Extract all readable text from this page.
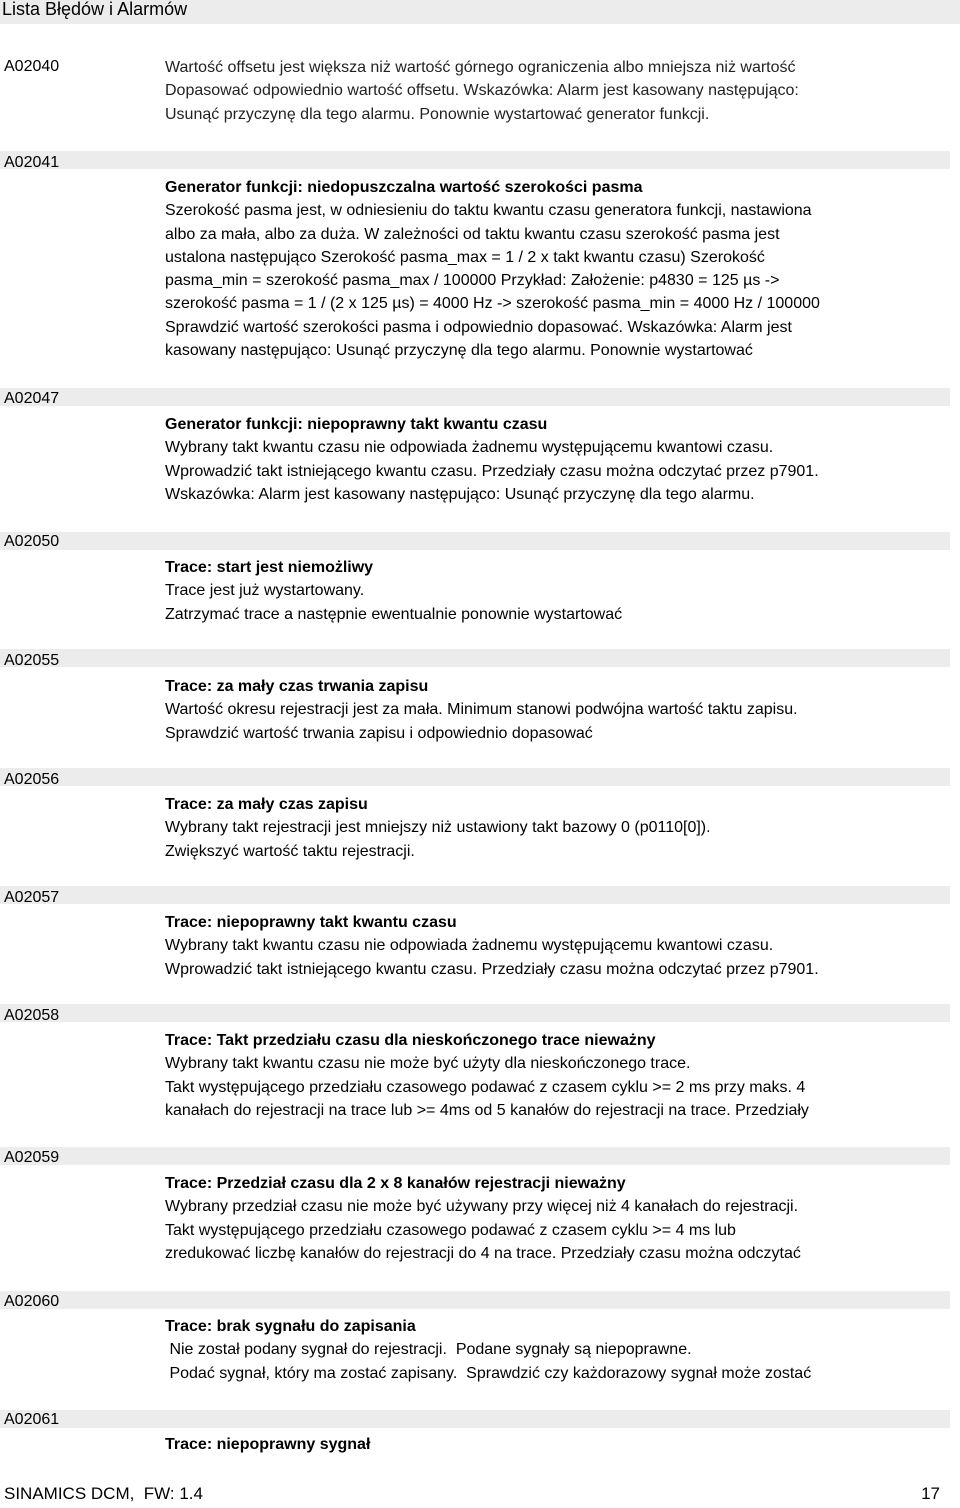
Lista Błędów i Alarmów
A02040	Wartość offsetu jest większa niż wartość górnego ograniczenia albo mniejsza niż wartość
Dopasować odpowiednio wartość offsetu. Wskazówka: Alarm jest kasowany następująco:
Usunąć przyczynę dla tego alarmu. Ponownie wystartować generator funkcji.
A02041
Generator funkcji: niedopuszczalna wartość szerokości pasma
Szerokość pasma jest, w odniesieniu do taktu kwantu czasu generatora funkcji, nastawiona
albo za mała, albo za duża. W zależności od taktu kwantu czasu szerokość pasma jest
ustalona następująco Szerokość pasma_max = 1 / 2 x takt kwantu czasu) Szerokość
pasma_min = szerokość pasma_max / 100000 Przykład: Założenie: p4830 = 125 µs ->
szerokość pasma = 1 / (2 x 125 µs) = 4000 Hz -> szerokość pasma_min = 4000 Hz / 100000
Sprawdzić wartość szerokości pasma i odpowiednio dopasować. Wskazówka: Alarm jest
kasowany następująco: Usunąć przyczynę dla tego alarmu. Ponownie wystartować
A02047
Generator funkcji: niepoprawny takt kwantu czasu
Wybrany takt kwantu czasu nie odpowiada żadnemu występującemu kwantowi czasu.
Wprowadzić takt istniejącego kwantu czasu. Przedziały czasu można odczytać przez p7901.
Wskazówka: Alarm jest kasowany następująco: Usunąć przyczynę dla tego alarmu.
A02050
Trace: start jest niemożliwy
Trace jest już wystartowany.
Zatrzymać trace a następnie ewentualnie ponownie wystartować
A02055
Trace: za mały czas trwania zapisu
Wartość okresu rejestracji jest za mała. Minimum stanowi podwójna wartość taktu zapisu.
Sprawdzić wartość trwania zapisu i odpowiednio dopasować
A02056
Trace: za mały czas zapisu
Wybrany takt rejestracji jest mniejszy niż ustawiony takt bazowy 0 (p0110[0]).
Zwiększyć wartość taktu rejestracji.
A02057
Trace: niepoprawny takt kwantu czasu
Wybrany takt kwantu czasu nie odpowiada żadnemu występującemu kwantowi czasu.
Wprowadzić takt istniejącego kwantu czasu. Przedziały czasu można odczytać przez p7901.
A02058
Trace: Takt przedziału czasu dla nieskończonego trace nieważny
Wybrany takt kwantu czasu nie może być użyty dla nieskończonego trace.
Takt występującego przedziału czasowego podawać z czasem cyklu >= 2 ms przy maks. 4
kanałach do rejestracji na trace lub >= 4ms od 5 kanałów do rejestracji na trace. Przedziały
A02059
Trace: Przedział czasu dla 2 x 8 kanałów rejestracji nieważny
Wybrany przedział czasu nie może być używany przy więcej niż 4 kanałach do rejestracji.
Takt występującego przedziału czasowego podawać z czasem cyklu >= 4 ms lub
zredukować liczbę kanałów do rejestracji do 4 na trace. Przedziały czasu można odczytać
A02060
Trace: brak sygnału do zapisania
Nie został podany sygnał do rejestracji.  Podane sygnały są niepoprawne.
Podać sygnał, który ma zostać zapisany.  Sprawdzić czy każdorazowy sygnał może zostać
A02061
Trace: niepoprawny sygnał
SINAMICS DCM,  FW: 1.4	17
